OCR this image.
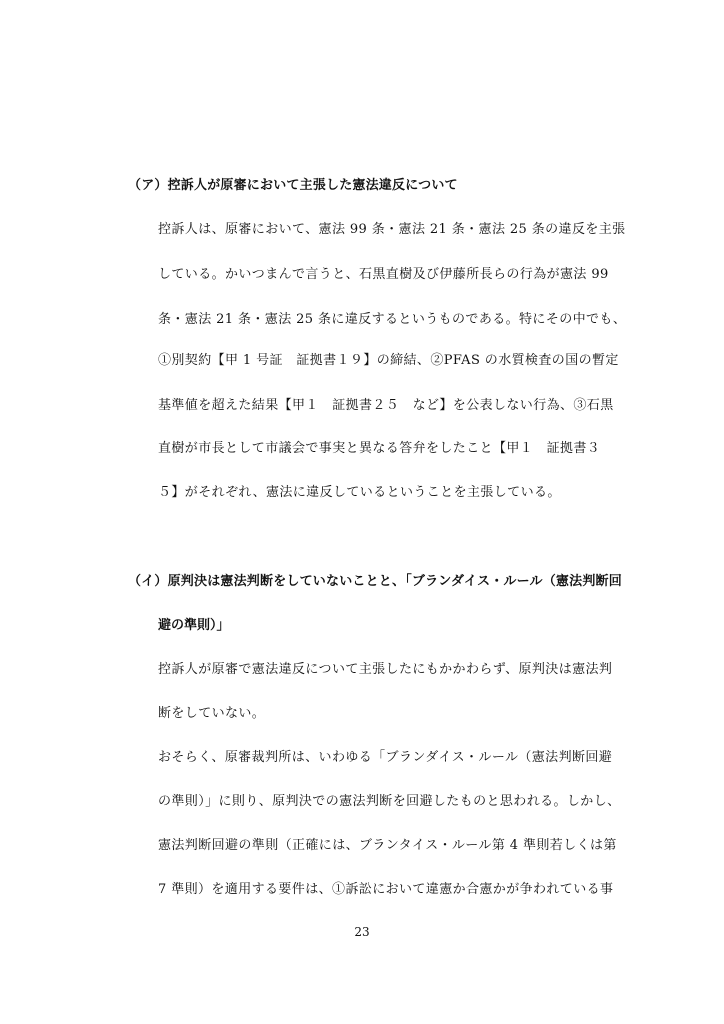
（ア）控訴人が原審において主張した憲法違反について
控訴人は、原審において、憲法 99 条・憲法 21 条・憲法 25 条の違反を主張
している。かいつまんで言うと、石黒直樹及び伊藤所長らの行為が憲法 99
条・憲法 21 条・憲法 25 条に違反するというものである。特にその中でも、
①別契約【甲 1 号証　証拠書１９】の締結、②PFAS の水質検査の国の暫定
基準値を超えた結果【甲１　証拠書２５　など】を公表しない行為、③石黒
直樹が市長として市議会で事実と異なる答弁をしたこと【甲１　証拠書３
５】がそれぞれ、憲法に違反しているということを主張している。
（イ）原判決は憲法判断をしていないことと、「ブランダイス・ルール（憲法判断回
避の準則）」
控訴人が原審で憲法違反について主張したにもかかわらず、原判決は憲法判
断をしていない。
おそらく、原審裁判所は、いわゆる「ブランダイス・ルール（憲法判断回避
の準則）」に則り、原判決での憲法判断を回避したものと思われる。しかし、
憲法判断回避の準則（正確には、ブランタイス・ルール第 4 準則若しくは第
7 準則）を適用する要件は、①訴訟において違憲か合憲かが争われている事
23
